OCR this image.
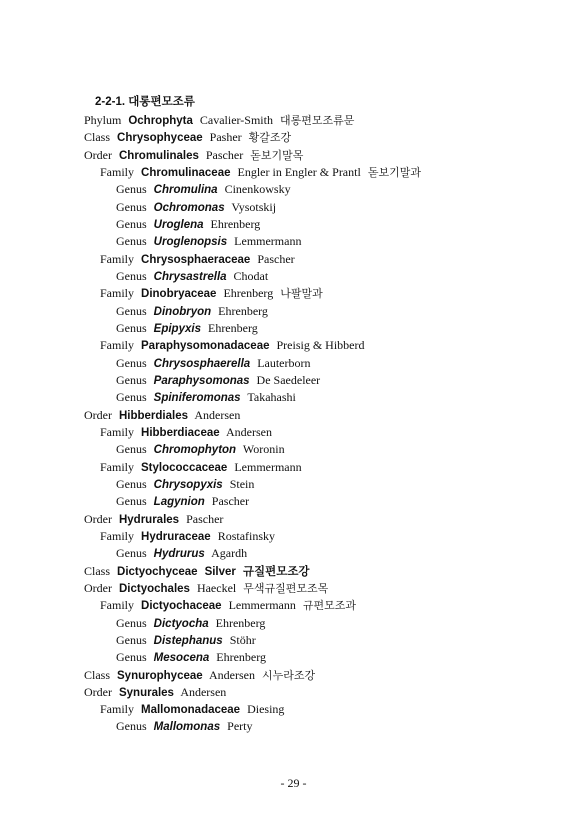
2-2-1. 대롱편모조류
Phylum Ochrophyta Cavalier-Smith 대롱편모조류문
Class Chrysophyceae Pasher 황갈조강
Order Chromulinales Pascher 돋보기말목
Family Chromulinaceae Engler in Engler & Prantl 돋보기말과
Genus Chromulina Cinenkowsky
Genus Ochromonas Vysotskij
Genus Uroglena Ehrenberg
Genus Uroglenopsis Lemmermann
Family Chrysosphaeraceae Pascher
Genus Chrysastrella Chodat
Family Dinobryaceae Ehrenberg 나팔말과
Genus Dinobryon Ehrenberg
Genus Epipyxis Ehrenberg
Family Paraphysomonadaceae Preisig & Hibberd
Genus Chrysosphaerella Lauterborn
Genus Paraphysomonas De Saedeleer
Genus Spiniferomonas Takahashi
Order Hibberdiales Andersen
Family Hibberdiaceae Andersen
Genus Chromophyton Woronin
Family Stylococcaceae Lemmermann
Genus Chrysopyxis Stein
Genus Lagynion Pascher
Order Hydrurales Pascher
Family Hydruraceae Rostafinsky
Genus Hydrurus Agardh
Class Dictyochyceae Silver 규질편모조강
Order Dictyochales Haeckel 무색규질편모조목
Family Dictyochaceae Lemmermann 규편모조과
Genus Dictyocha Ehrenberg
Genus Distephanus Stöhr
Genus Mesocena Ehrenberg
Class Synurophyceae Andersen 시누라조강
Order Synurales Andersen
Family Mallomonadaceae Diesing
Genus Mallomonas Perty
- 29 -
